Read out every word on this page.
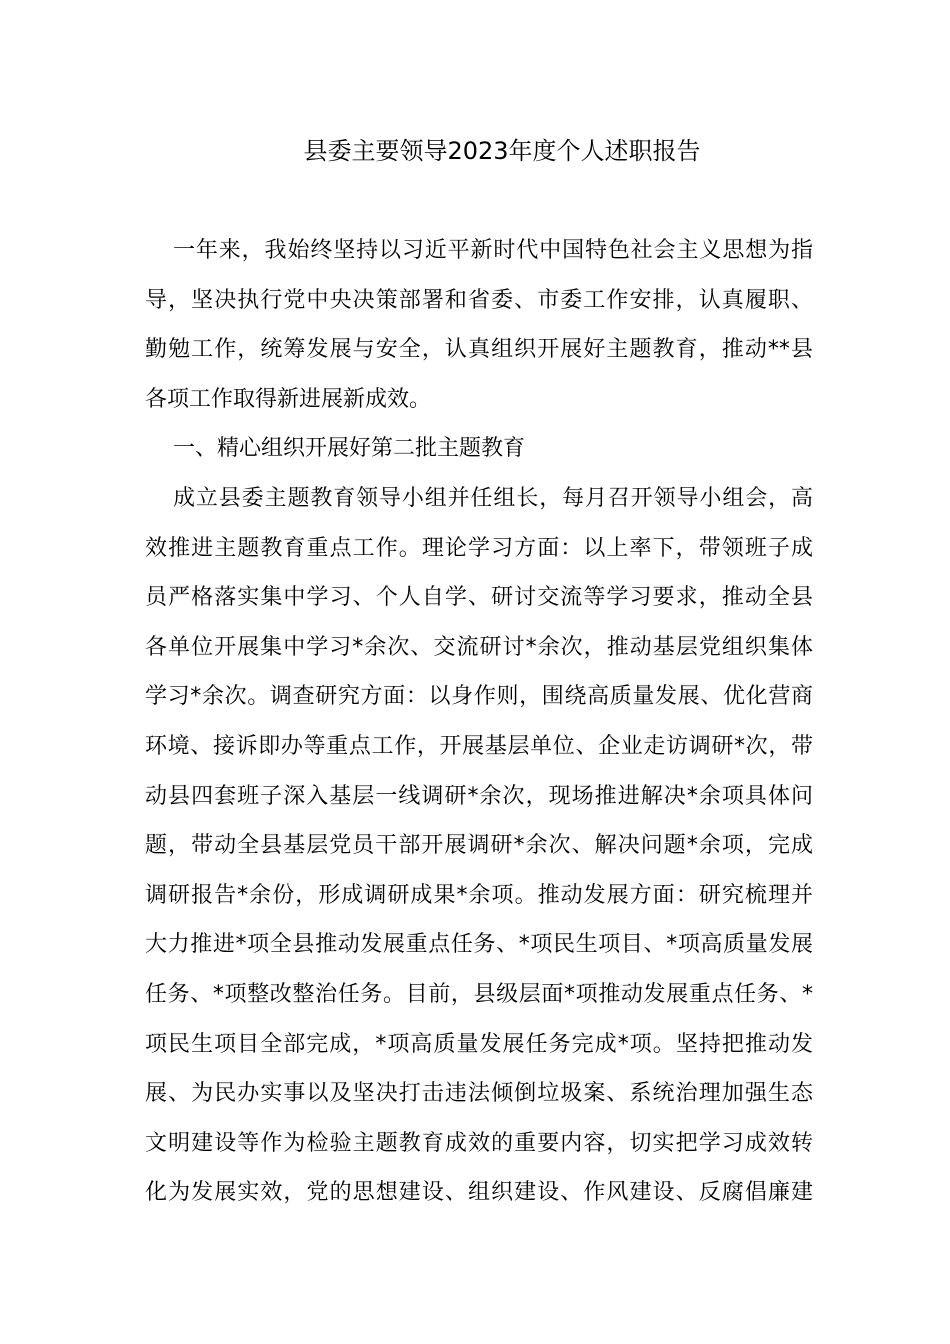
县委主要领导2023年度个人述职报告
一年来，我始终坚持以习近平新时代中国特色社会主义思想为指
导，坚决执行党中央决策部署和省委、市委工作安排，认真履职、
勤勉工作，统筹发展与安全，认真组织开展好主题教育，推动**县
各项工作取得新进展新成效。
一、精心组织开展好第二批主题教育
成立县委主题教育领导小组并任组长，每月召开领导小组会，高
效推进主题教育重点工作。理论学习方面：以上率下，带领班子成
员严格落实集中学习、个人自学、研讨交流等学习要求，推动全县
各单位开展集中学习*余次、交流研讨*余次，推动基层党组织集体
学习*余次。调查研究方面：以身作则，围绕高质量发展、优化营商
环境、接诉即办等重点工作，开展基层单位、企业走访调研*次，带
动县四套班子深入基层一线调研*余次，现场推进解决*余项具体问
题，带动全县基层党员干部开展调研*余次、解决问题*余项，完成
调研报告*余份，形成调研成果*余项。推动发展方面：研究梳理并
大力推进*项全县推动发展重点任务、*项民生项目、*项高质量发展
任务、*项整改整治任务。目前，县级层面*项推动发展重点任务、*
项民生项目全部完成，*项高质量发展任务完成*项。坚持把推动发
展、为民办实事以及坚决打击违法倾倒垃圾案、系统治理加强生态
文明建设等作为检验主题教育成效的重要内容，切实把学习成效转
化为发展实效，党的思想建设、组织建设、作风建设、反腐倡廉建
